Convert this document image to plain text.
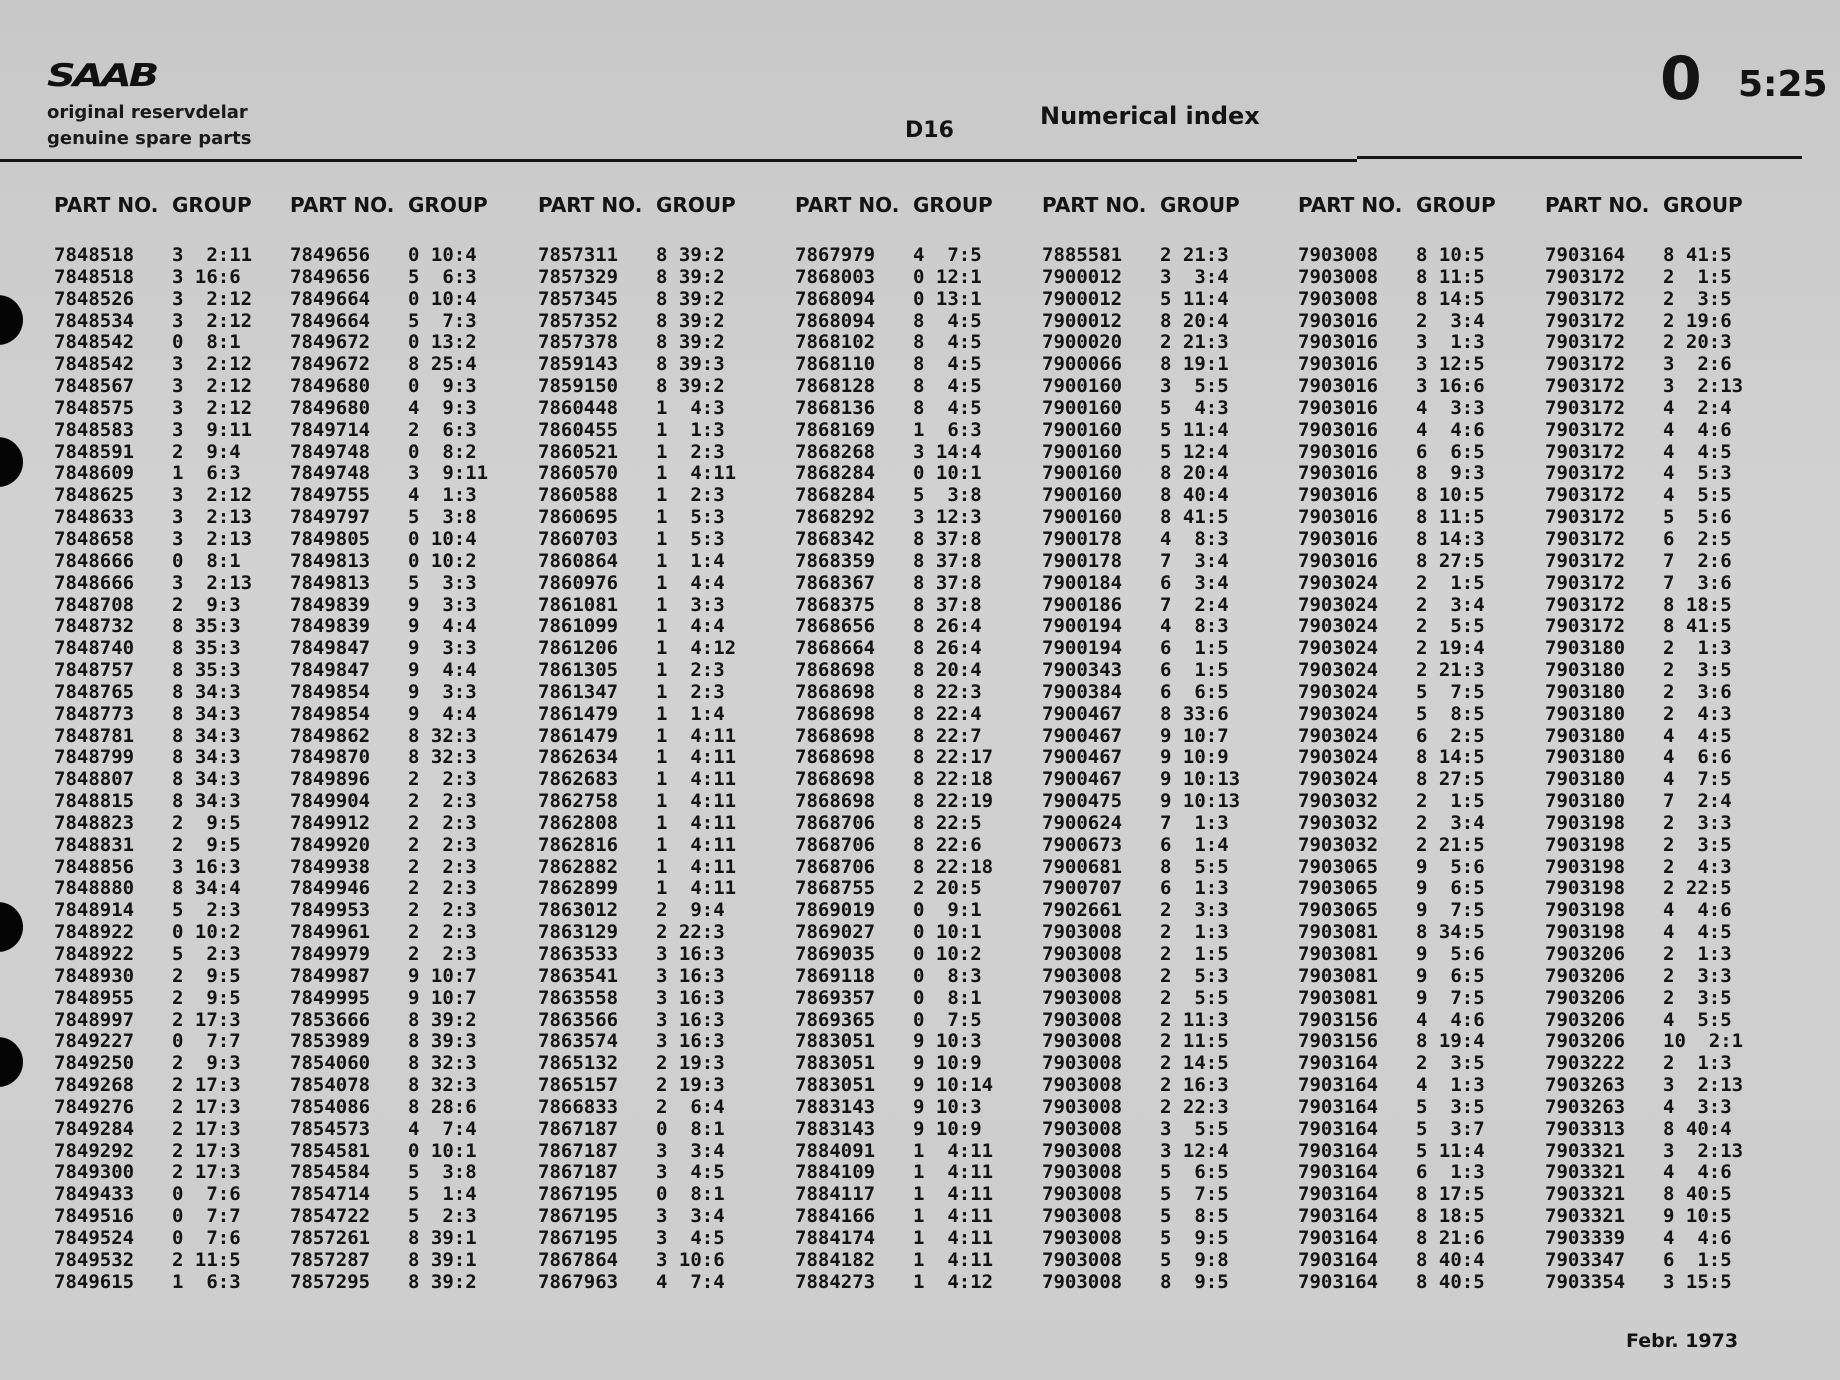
SAAB
original reservdelar
genuine spare parts	D16
Numerical index
0 5:25
PART NO. GROUP
7848518 3  2:11
7848518 3 16:6
7848526 3  2:12
7848534 3  2:12
7848542 0  8:1
7848542 3  2:12
7848567 3  2:12
7848575 3  2:12
7848583 3  9:11
7848591 2  9:4
7848609 1  6:3
7848625 3  2:12
7848633 3  2:13
7848658 3  2:13
7848666 0  8:1
7848666 3  2:13
7848708 2  9:3
7848732 8 35:3
7848740 8 35:3
7848757 8 35:3
7848765 8 34:3
7848773 8 34:3
7848781 8 34:3
7848799 8 34:3
7848807 8 34:3
7848815 8 34:3
7848823 2  9:5
7848831 2  9:5
7848856 3 16:3
7848880 8 34:4
7848914 5  2:3
7848922 0 10:2
7848922 5  2:3
7848930 2  9:5
7848955 2  9:5
7848997 2 17:3
7849227 0  7:7
7849250 2  9:3
7849268 2 17:3
7849276 2 17:3
7849284 2 17:3
7849292 2 17:3
7849300 2 17:3
7849433 0  7:6
7849516 0  7:7
7849524 0  7:6
7849532 2 11:5
7849615 1  6:3
PART NO. GROUP
7849656 0 10:4
7849656 5  6:3
7849664 0 10:4
7849664 5  7:3
7849672 0 13:2
7849672 8 25:4
7849680 0  9:3
7849680 4  9:3
7849714 2  6:3
7849748 0  8:2
7849748 3  9:11
7849755 4  1:3
7849797 5  3:8
7849805 0 10:4
7849813 0 10:2
7849813 5  3:3
7849839 9  3:3
7849839 9  4:4
7849847 9  3:3
7849847 9  4:4
7849854 9  3:3
7849854 9  4:4
7849862 8 32:3
7849870 8 32:3
7849896 2  2:3
7849904 2  2:3
7849912 2  2:3
7849920 2  2:3
7849938 2  2:3
7849946 2  2:3
7849953 2  2:3
7849961 2  2:3
7849979 2  2:3
7849987 9 10:7
7849995 9 10:7
7853666 8 39:2
7853989 8 39:3
7854060 8 32:3
7854078 8 32:3
7854086 8 28:6
7854573 4  7:4
7854581 0 10:1
7854584 5  3:8
7854714 5  1:4
7854722 5  2:3
7857261 8 39:1
7857287 8 39:1
7857295 8 39:2
PART NO. GROUP
7857311 8 39:2
7857329 8 39:2
7857345 8 39:2
7857352 8 39:2
7857378 8 39:2
7859143 8 39:3
7859150 8 39:2
7860448 1  4:3
7860455 1  1:3
7860521 1  2:3
7860570 1  4:11
7860588 1  2:3
7860695 1  5:3
7860703 1  5:3
7860864 1  1:4
7860976 1  4:4
7861081 1  3:3
7861099 1  4:4
7861206 1  4:12
7861305 1  2:3
7861347 1  2:3
7861479 1  1:4
7861479 1  4:11
7862634 1  4:11
7862683 1  4:11
7862758 1  4:11
7862808 1  4:11
7862816 1  4:11
7862882 1  4:11
7862899 1  4:11
7863012 2  9:4
7863129 2 22:3
7863533 3 16:3
7863541 3 16:3
7863558 3 16:3
7863566 3 16:3
7863574 3 16:3
7865132 2 19:3
7865157 2 19:3
7866833 2  6:4
7867187 0  8:1
7867187 3  3:4
7867187 3  4:5
7867195 0  8:1
7867195 3  3:4
7867195 3  4:5
7867864 3 10:6
7867963 4  7:4
PART NO. GROUP
7867979 4  7:5
7868003 0 12:1
7868094 0 13:1
7868094 8  4:5
7868102 8  4:5
7868110 8  4:5
7868128 8  4:5
7868136 8  4:5
7868169 1  6:3
7868268 3 14:4
7868284 0 10:1
7868284 5  3:8
7868292 3 12:3
7868342 8 37:8
7868359 8 37:8
7868367 8 37:8
7868375 8 37:8
7868656 8 26:4
7868664 8 26:4
7868698 8 20:4
7868698 8 22:3
7868698 8 22:4
7868698 8 22:7
7868698 8 22:17
7868698 8 22:18
7868698 8 22:19
7868706 8 22:5
7868706 8 22:6
7868706 8 22:18
7868755 2 20:5
7869019 0  9:1
7869027 0 10:1
7869035 0 10:2
7869118 0  8:3
7869357 0  8:1
7869365 0  7:5
7883051 9 10:3
7883051 9 10:9
7883051 9 10:14
7883143 9 10:3
7883143 9 10:9
7884091 1  4:11
7884109 1  4:11
7884117 1  4:11
7884166 1  4:11
7884174 1  4:11
7884182 1  4:11
7884273 1  4:12
PART NO. GROUP
7885581 2 21:3
7900012 3  3:4
7900012 5 11:4
7900012 8 20:4
7900020 2 21:3
7900066 8 19:1
7900160 3  5:5
7900160 5  4:3
7900160 5 11:4
7900160 5 12:4
7900160 8 20:4
7900160 8 40:4
7900160 8 41:5
7900178 4  8:3
7900178 7  3:4
7900184 6  3:4
7900186 7  2:4
7900194 4  8:3
7900194 6  1:5
7900343 6  1:5
7900384 6  6:5
7900467 8 33:6
7900467 9 10:7
7900467 9 10:9
7900467 9 10:13
7900475 9 10:13
7900624 7  1:3
7900673 6  1:4
7900681 8  5:5
7900707 6  1:3
7902661 2  3:3
7903008 2  1:3
7903008 2  1:5
7903008 2  5:3
7903008 2  5:5
7903008 2 11:3
7903008 2 11:5
7903008 2 14:5
7903008 2 16:3
7903008 2 22:3
7903008 3  5:5
7903008 3 12:4
7903008 5  6:5
7903008 5  7:5
7903008 5  8:5
7903008 5  9:5
7903008 5  9:8
7903008 8  9:5
PART NO. GROUP
7903008 8 10:5
7903008 8 11:5
7903008 8 14:5
7903016 2  3:4
7903016 3  1:3
7903016 3 12:5
7903016 3 16:6
7903016 4  3:3
7903016 4  4:6
7903016 6  6:5
7903016 8  9:3
7903016 8 10:5
7903016 8 11:5
7903016 8 14:3
7903016 8 27:5
7903024 2  1:5
7903024 2  3:4
7903024 2  5:5
7903024 2 19:4
7903024 2 21:3
7903024 5  7:5
7903024 5  8:5
7903024 6  2:5
7903024 8 14:5
7903024 8 27:5
7903032 2  1:5
7903032 2  3:4
7903032 2 21:5
7903065 9  5:6
7903065 9  6:5
7903065 9  7:5
7903081 8 34:5
7903081 9  5:6
7903081 9  6:5
7903081 9  7:5
7903156 4  4:6
7903156 8 19:4
7903164 2  3:5
7903164 4  1:3
7903164 5  3:5
7903164 5  3:7
7903164 5 11:4
7903164 6  1:3
7903164 8 17:5
7903164 8 18:5
7903164 8 21:6
7903164 8 40:4
7903164 8 40:5
PART NO. GROUP
7903164 8 41:5
7903172 2  1:5
7903172 2  3:5
7903172 2 19:6
7903172 2 20:3
7903172 3  2:6
7903172 3  2:13
7903172 4  2:4
7903172 4  4:6
7903172 4  4:5
7903172 4  5:3
7903172 4  5:5
7903172 5  5:6
7903172 6  2:5
7903172 7  2:6
7903172 7  3:6
7903172 8 18:5
7903172 8 41:5
7903180 2  1:3
7903180 2  3:5
7903180 2  3:6
7903180 2  4:3
7903180 4  4:5
7903180 4  6:6
7903180 4  7:5
7903180 7  2:4
7903198 2  3:3
7903198 2  3:5
7903198 2  4:3
7903198 2 22:5
7903198 4  4:6
7903198 4  4:5
7903206 2  1:3
7903206 2  3:3
7903206 2  3:5
7903206 4  5:5
7903206 10  2:1
7903222 2  1:3
7903263 3  2:13
7903263 4  3:3
7903313 8 40:4
7903321 3  2:13
7903321 4  4:6
7903321 8 40:5
7903321 9 10:5
7903339 4  4:6
7903347 6  1:5
7903354 3 15:5
Febr. 1973
